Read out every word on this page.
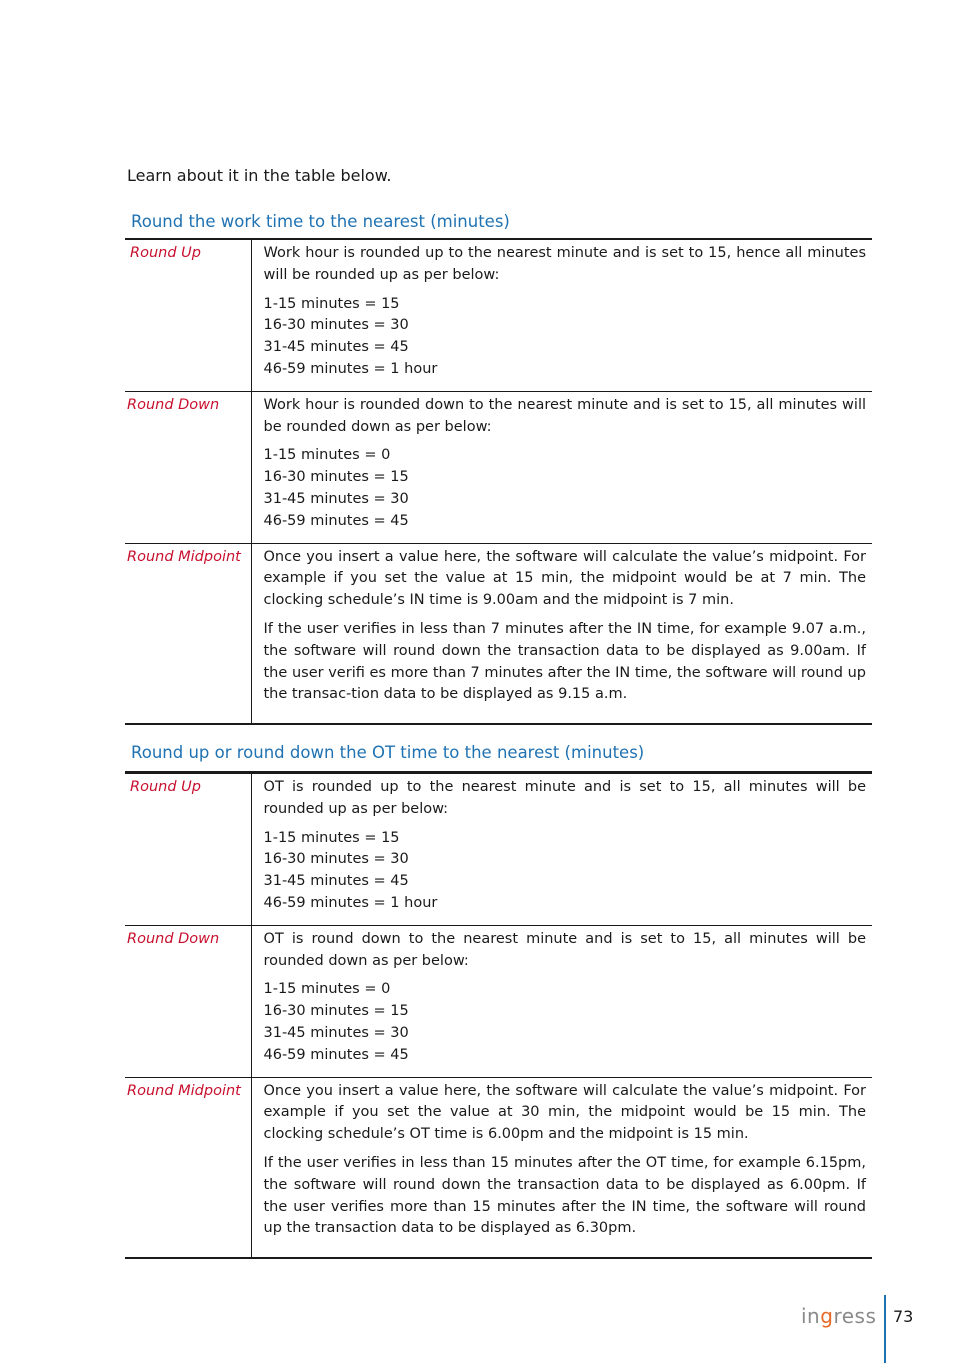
Learn about it in the table below.
Round the work time to the nearest (minutes)
Round Up	Work hour is rounded up to the nearest minute and is set to 15, hence all minutes will be rounded up as per below:

1-15 minutes = 15

16-30 minutes = 30

31-45 minutes = 45

46-59 minutes = 1 hour

Round Down	Work hour is rounded down to the nearest minute and is set to 15, all minutes will be rounded down as per below:

1-15 minutes = 0

16-30 minutes = 15

31-45 minutes = 30

46-59 minutes = 45

Round Midpoint	Once you insert a value here, the software will calculate the value’s midpoint. For example if you set the value at 15 min, the midpoint would be at 7 min. The clocking schedule’s IN time is 9.00am and the midpoint is 7 min.

If the user verifies in less than 7 minutes after the IN time, for example 9.07 a.m., the software will round down the transaction data to be displayed as 9.00am. If the user verifi es more than 7 minutes after the IN time, the software will round up the transac-tion data to be displayed as 9.15 a.m.

Round up or round down the OT time to the nearest (minutes)
Round Up	OT is rounded up to the nearest minute and is set to 15, all minutes will be rounded up as per below:

1-15 minutes = 15

16-30 minutes = 30

31-45 minutes = 45

46-59 minutes = 1 hour

Round Down	OT is round down to the nearest minute and is set to 15, all minutes will be rounded down as per below:

1-15 minutes = 0

16-30 minutes = 15

31-45 minutes = 30

46-59 minutes = 45

Round Midpoint	Once you insert a value here, the software will calculate the value’s midpoint. For example if you set the value at 30 min, the midpoint would be 15 min. The clocking schedule’s OT time is 6.00pm and the midpoint is 15 min.

If the user verifies in less than 15 minutes after the OT time, for example 6.15pm, the software will round down the transaction data to be displayed as 6.00pm. If the user verifies more than 15 minutes after the IN time, the software will round up the transaction data to be displayed as 6.30pm.

ingress 73
